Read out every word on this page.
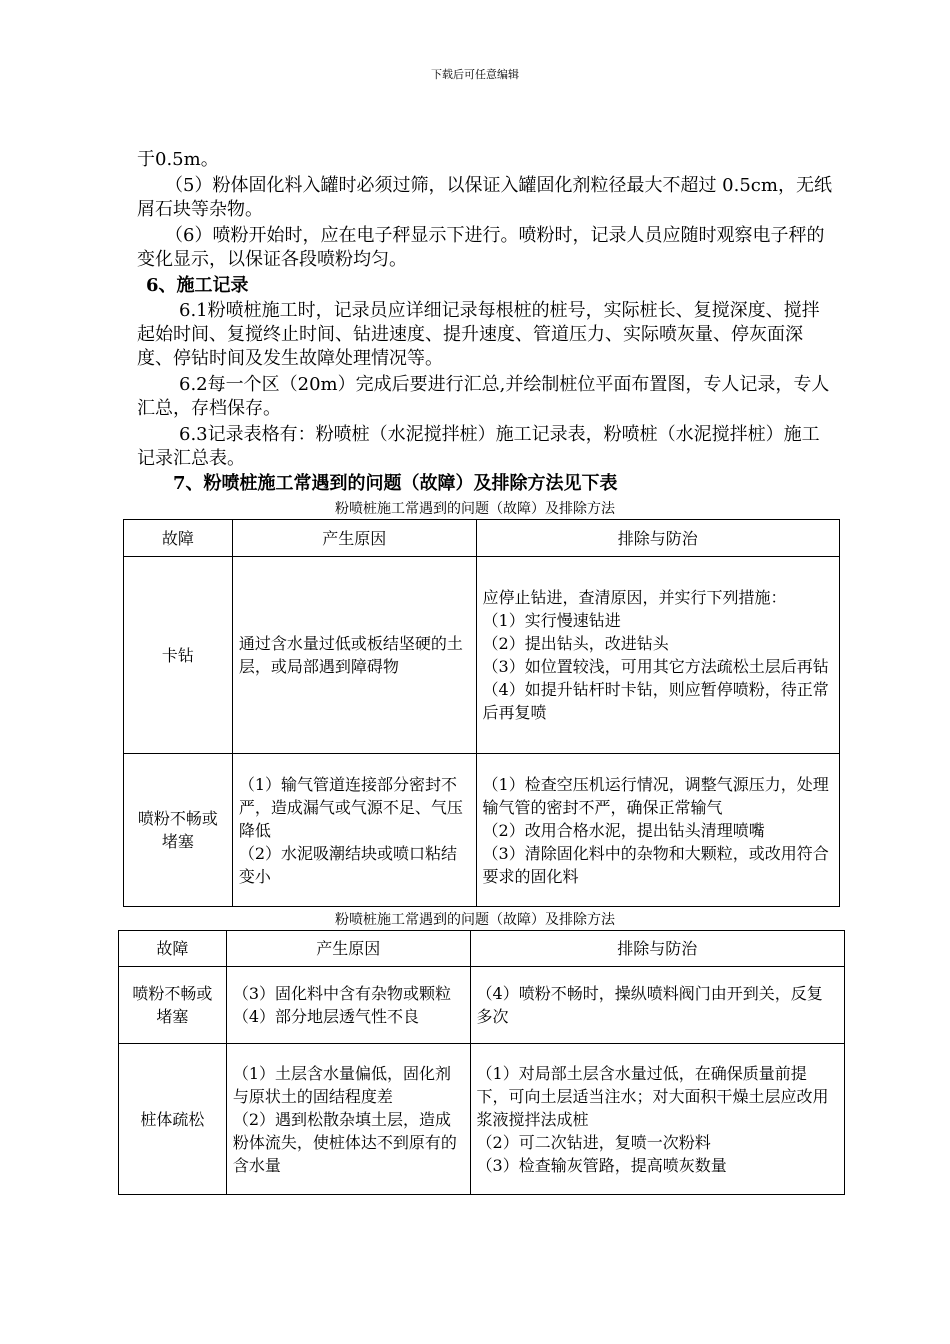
下载后可任意编辑

于0.5m。

（5）粉体固化料入罐时必须过筛，以保证入罐固化剂粒径最大不超过 0.5cm，无纸屑石块等杂物。

（6）喷粉开始时，应在电子秤显示下进行。喷粉时，记录人员应随时观察电子秤的变化显示，以保证各段喷粉均匀。

6、施工记录

6.1粉喷桩施工时，记录员应详细记录每根桩的桩号，实际桩长、复搅深度、搅拌起始时间、复搅终止时间、钻进速度、提升速度、管道压力、实际喷灰量、停灰面深度、停钻时间及发生故障处理情况等。

6.2每一个区（20m）完成后要进行汇总,并绘制桩位平面布置图，专人记录，专人汇总，存档保存。

6.3记录表格有：粉喷桩（水泥搅拌桩）施工记录表，粉喷桩（水泥搅拌桩）施工记录汇总表。

7、粉喷桩施工常遇到的问题（故障）及排除方法见下表
粉喷桩施工常遇到的问题（故障）及排除方法
故障	产生原因	排除与防治
卡钻	通过含水量过低或板结坚硬的土层，或局部遇到障碍物	应停止钻进，查清原因，并实行下列措施：
（1）实行慢速钻进
（2）提出钻头，改进钻头
（3）如位置较浅，可用其它方法疏松土层后再钻
（4）如提升钻杆时卡钻，则应暂停喷粉，待正常后再复喷

喷粉不畅或堵塞	（1）输气管道连接部分密封不严，造成漏气或气源不足、气压降低
（2）水泥吸潮结块或喷口粘结变小	（1）检查空压机运行情况，调整气源压力，处理输气管的密封不严，确保正常输气
（2）改用合格水泥，提出钻头清理喷嘴
（3）清除固化料中的杂物和大颗粒，或改用符合要求的固化料
粉喷桩施工常遇到的问题（故障）及排除方法
故障	产生原因	排除与防治
喷粉不畅或堵塞	（3）固化料中含有杂物或颗粒
（4）部分地层透气性不良	（4）喷粉不畅时，操纵喷料阀门由开到关，反复多次

桩体疏松	（1）土层含水量偏低，固化剂与原状土的固结程度差
（2）遇到松散杂填土层，造成粉体流失，使桩体达不到原有的含水量	（1）对局部土层含水量过低，在确保质量前提下，可向土层适当注水；对大面积干燥土层应改用浆液搅拌法成桩
（2）可二次钻进，复喷一次粉料
（3）检查输灰管路，提高喷灰数量
